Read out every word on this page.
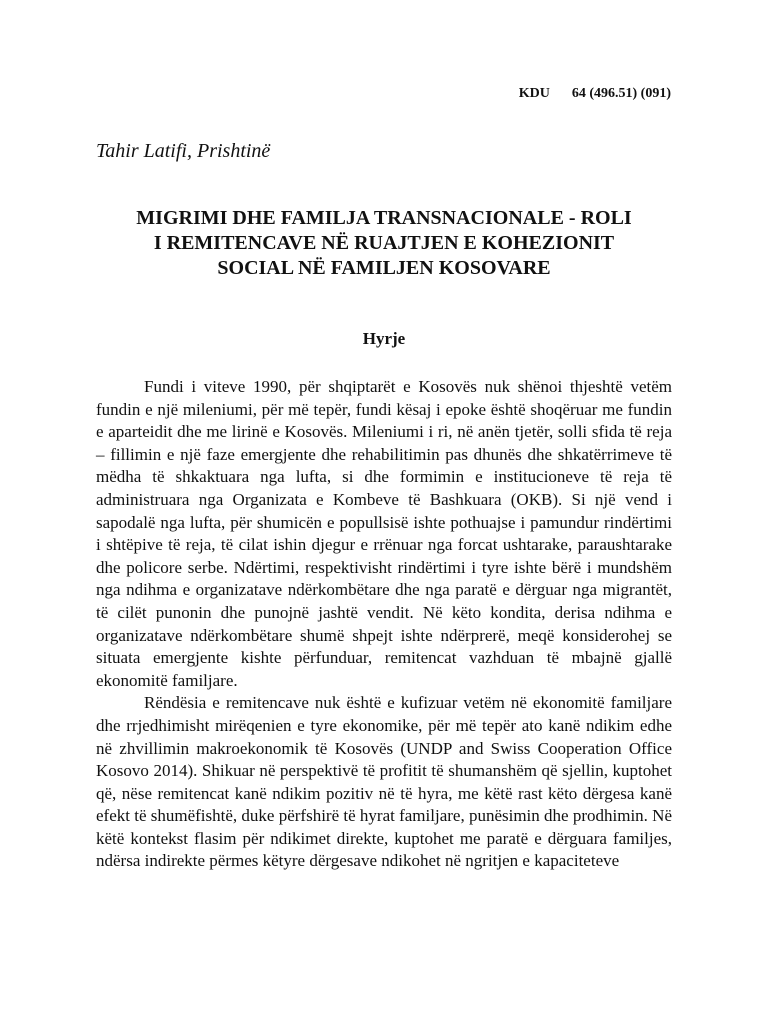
KDU 64 (496.51) (091)
Tahir Latifi, Prishtinë
MIGRIMI DHE FAMILJA TRANSNACIONALE - ROLI
I REMITENCAVE NË RUAJTJEN E KOHEZIONIT
SOCIAL NË FAMILJEN KOSOVARE
Hyrje

Fundi i viteve 1990, për shqiptarët e Kosovës nuk shënoi thjeshtë vetëm fundin e një mileniumi, për më tepër, fundi kësaj i epoke është shoqëruar me fundin e aparteidit dhe me lirinë e Kosovës. Mileniumi i ri, në anën tjetër, solli sfida të reja – fillimin e një faze emergjente dhe rehabilitimin pas dhunës dhe shkatërrimeve të mëdha të shkaktuara nga lufta, si dhe formimin e institucioneve të reja të administruara nga Organizata e Kombeve të Bashkuara (OKB). Si një vend i sapodalë nga lufta, për shumicën e popullsisë ishte pothuajse i pamundur rindërtimi i shtëpive të reja, të cilat ishin djegur e rrënuar nga forcat ushtarake, paraushtarake dhe policore serbe. Ndërtimi, respektivisht rindërtimi i tyre ishte bërë i mundshëm nga ndihma e organizatave ndërkombëtare dhe nga paratë e dërguar nga migrantët, të cilët punonin dhe punojnë jashtë vendit. Në këto kondita, derisa ndihma e organizatave ndërkombëtare shumë shpejt ishte ndërprerë, meqë konsiderohej se situata emergjente kishte përfunduar, remitencat vazhduan të mbajnë gjallë ekonomitë familjare.

Rëndësia e remitencave nuk është e kufizuar vetëm në ekonomitë familjare dhe rrjedhimisht mirëqenien e tyre ekonomike, për më tepër ato kanë ndikim edhe në zhvillimin makroekonomik të Kosovës (UNDP and Swiss Cooperation Office Kosovo 2014). Shikuar në perspektivë të profitit të shumanshëm që sjellin, kuptohet që, nëse remitencat kanë ndikim pozitiv në të hyra, me këtë rast këto dërgesa kanë efekt të shumëfishtë, duke përfshirë të hyrat familjare, punësimin dhe prodhimin. Në këtë kontekst flasim për ndikimet direkte, kuptohet me paratë e dërguara familjes, ndërsa indirekte përmes këtyre dërgesave ndikohet në ngritjen e kapaciteteve
